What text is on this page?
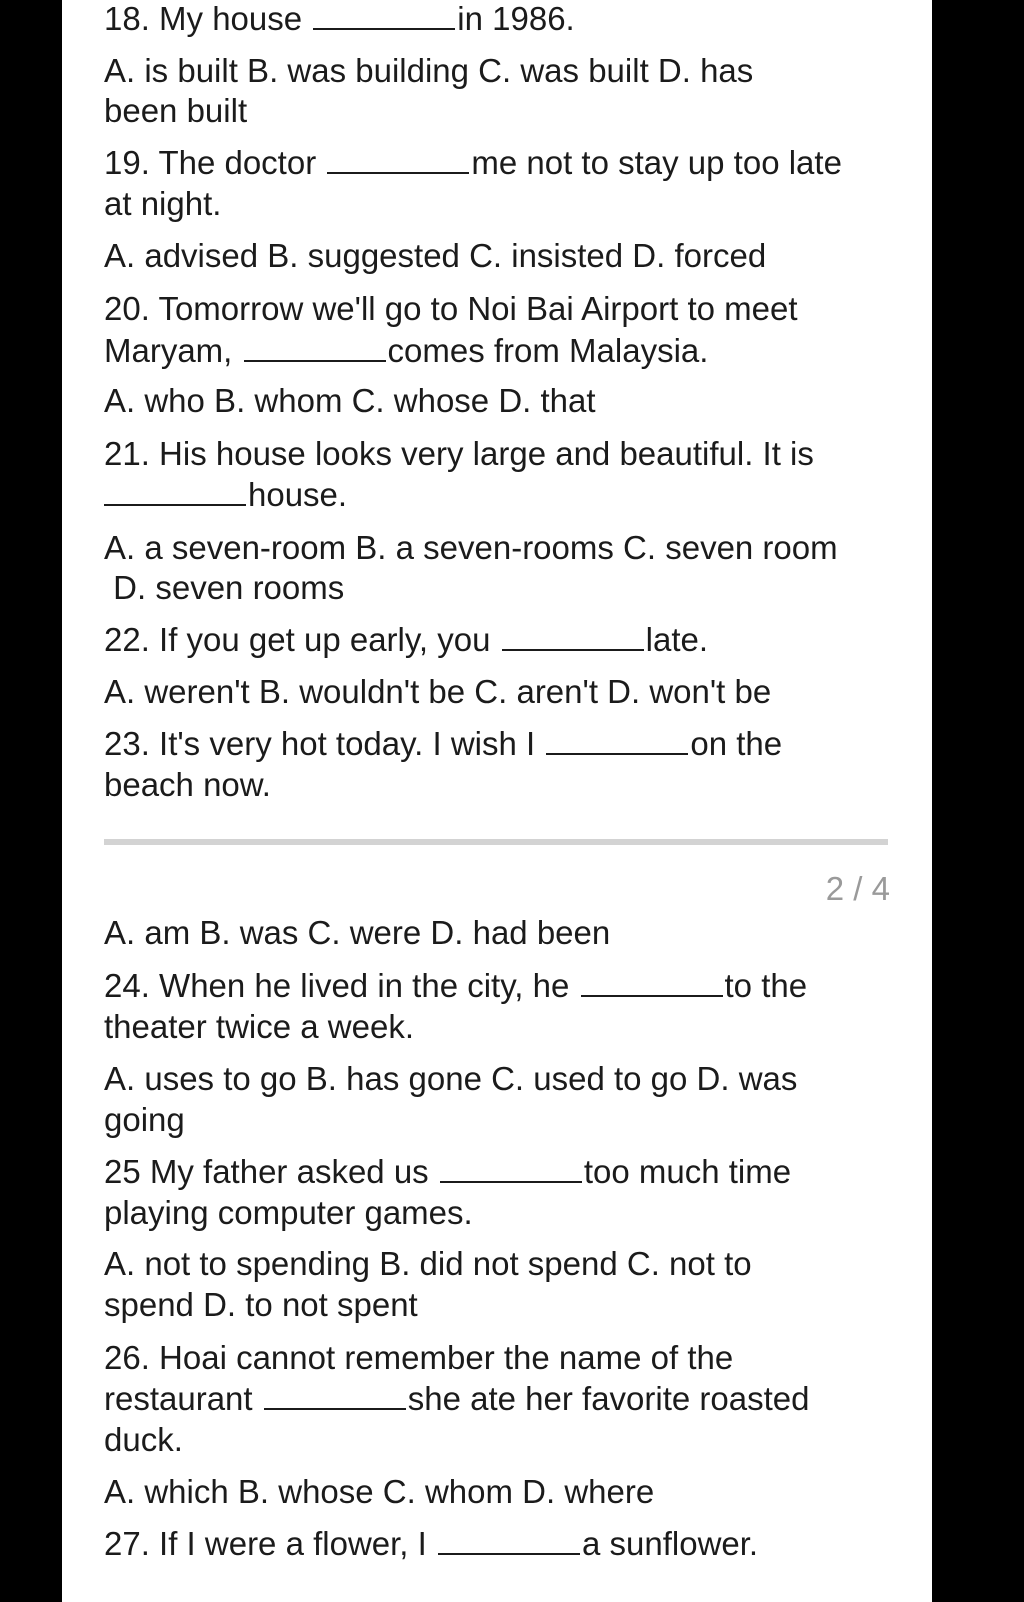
18. My house	in 1986.
A. is built B. was building C. was built D. has
been built
19. The doctor	me not to stay up too late
at night.
A. advised B. suggested C. insisted D. forced
20. Tomorrow we'll go to Noi Bai Airport to meet
Maryam,	comes from Malaysia.
A. who B. whom C. whose D. that
21. His house looks very large and beautiful. It is
house.
A. a seven-room B. a seven-rooms C. seven room
D. seven rooms
22. If you get up early, you	late.
A. weren't B. wouldn't be C. aren't D. won't be
23. It's very hot today. I wish I	on the
beach now.
A. am B. was C. were D. had been
24. When he lived in the city, he	to the
theater twice a week.
A. uses to go B. has gone C. used to go D. was
going
25 My father asked us	too much time
playing computer games.
A. not to spending B. did not spend C. not to
spend D. to not spent
26. Hoai cannot remember the name of the
restaurant	she ate her favorite roasted
duck.
A. which B. whose C. whom D. where
27. If I were a flower, I	a sunflower.
2 / 4
